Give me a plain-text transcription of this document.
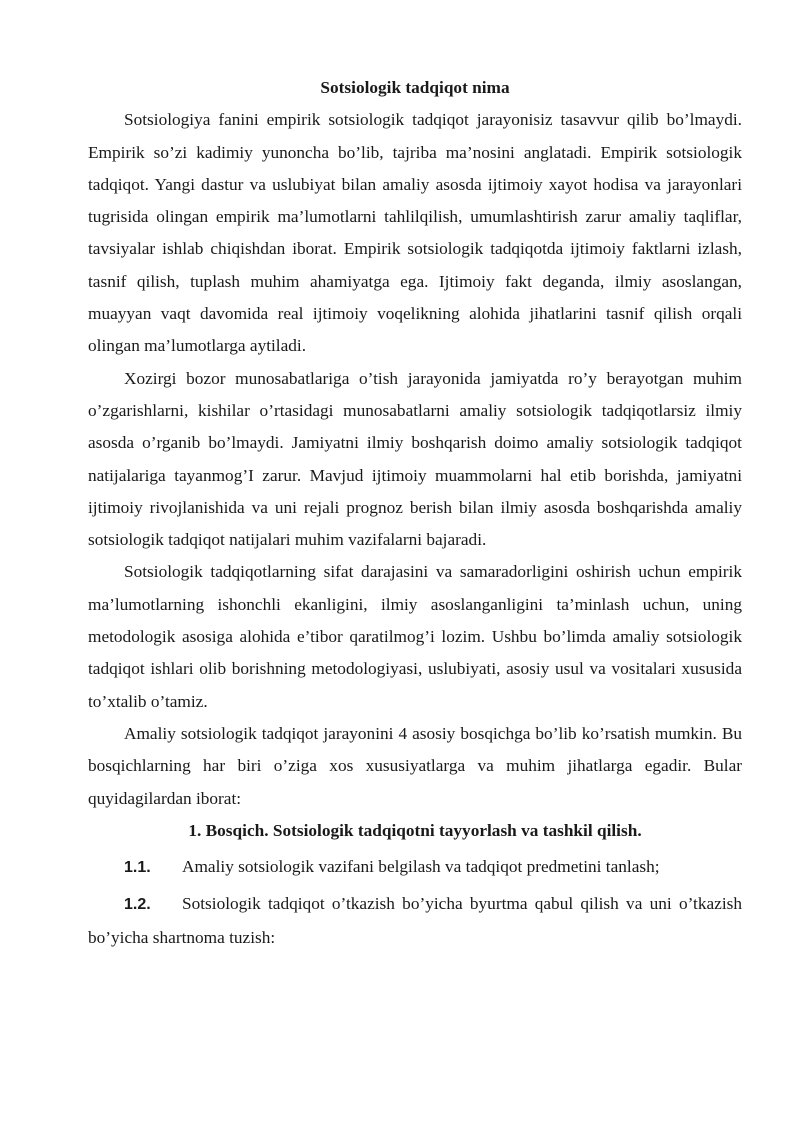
Sotsiologik tadqiqot nima

Sotsiologiya fanini empirik sotsiologik tadqiqot jarayonisiz tasavvur qilib bo’lmaydi. Empirik so’zi kadimiy yunoncha bo’lib, tajriba ma’nosini anglatadi. Empirik sotsiologik tadqiqot. Yangi dastur va uslubiyat bilan amaliy asosda ijtimoiy xayot hodisa va jarayonlari tugrisida olingan empirik ma’lumotlarni tahlilqilish, umumlashtirish zarur amaliy taqliflar, tavsiyalar ishlab chiqishdan iborat. Empirik sotsiologik tadqiqotda ijtimoiy faktlarni izlash, tasnif qilish, tuplash muhim ahamiyatga ega. Ijtimoiy fakt deganda, ilmiy asoslangan, muayyan vaqt davomida real ijtimoiy voqelikning alohida jihatlarini tasnif qilish orqali olingan ma’lumotlarga aytiladi.

Xozirgi bozor munosabatlariga o’tish jarayonida jamiyatda ro’y berayotgan muhim o’zgarishlarni, kishilar o’rtasidagi munosabatlarni amaliy sotsiologik tadqiqotlarsiz ilmiy asosda o’rganib bo’lmaydi. Jamiyatni ilmiy boshqarish doimo amaliy sotsiologik tadqiqot natijalariga tayanmog’I zarur. Mavjud ijtimoiy muammolarni hal etib borishda, jamiyatni ijtimoiy rivojlanishida va uni rejali prognoz berish bilan ilmiy asosda boshqarishda amaliy sotsiologik tadqiqot natijalari muhim vazifalarni bajaradi.

Sotsiologik tadqiqotlarning sifat darajasini va samaradorligini oshirish uchun empirik ma’lumotlarning ishonchli ekanligini, ilmiy asoslanganligini ta’minlash uchun, uning metodologik asosiga alohida e’tibor qaratilmog’i lozim. Ushbu bo’limda amaliy sotsiologik tadqiqot ishlari olib borishning metodologiyasi, uslubiyati, asosiy usul va vositalari xususida to’xtalib o’tamiz.

Amaliy sotsiologik tadqiqot jarayonini 4 asosiy bosqichga bo’lib ko’rsatish mumkin. Bu bosqichlarning har biri o’ziga xos xususiyatlarga va muhim jihatlarga egadir. Bular quyidagilardan iborat:

1. Bosqich. Sotsiologik tadqiqotni tayyorlash va tashkil qilish.

1.1. Amaliy sotsiologik vazifani belgilash va tadqiqot predmetini tanlash;

1.2. Sotsiologik tadqiqot o’tkazish bo’yicha byurtma qabul qilish va uni o’tkazish bo’yicha shartnoma tuzish:
